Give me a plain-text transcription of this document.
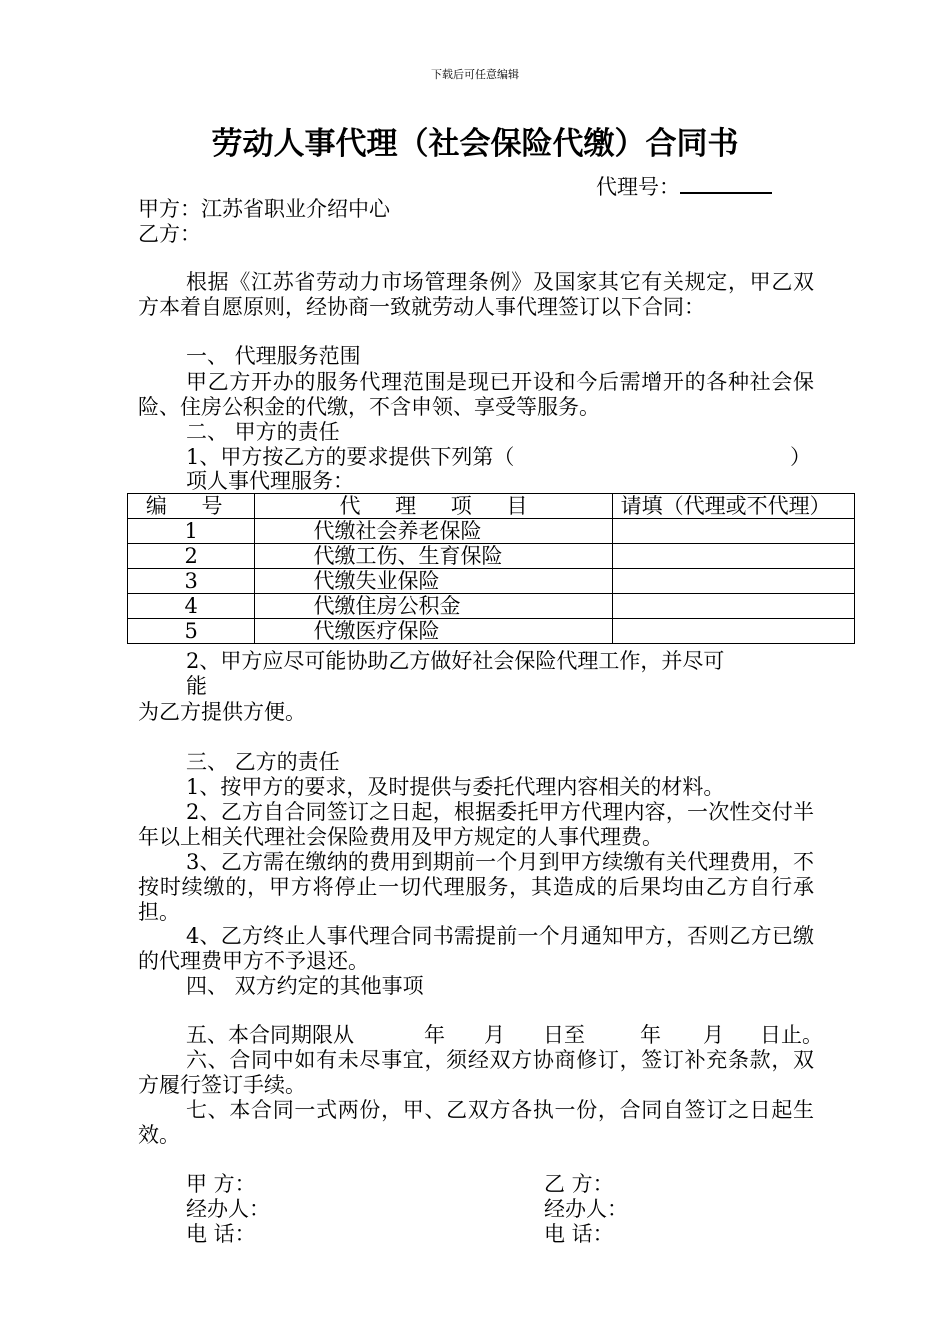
下载后可任意编辑
劳动人事代理（社会保险代缴）合同书
代理号：
甲方：江苏省职业介绍中心
乙方：
根据《江苏省劳动力市场管理条例》及国家其它有关规定，甲乙双方本着自愿原则，经协商一致就劳动人事代理签订以下合同：
一、 代理服务范围
甲乙方开办的服务代理范围是现已开设和今后需增开的各种社会保险、住房公积金的代缴，不含申领、享受等服务。
二、 甲方的责任
1、甲方按乙方的要求提供下列第（	）
项人事代理服务：
编 号	代 理 项 目	请填（代理或不代理）
1	代缴社会养老保险	
2	代缴工伤、生育保险	
3	代缴失业保险	
4	代缴住房公积金	
5	代缴医疗保险	
2、甲方应尽可能协助乙方做好社会保险代理工作，并尽可
能
为乙方提供方便。
三、 乙方的责任
1、按甲方的要求，及时提供与委托代理内容相关的材料。
2、乙方自合同签订之日起，根据委托甲方代理内容，一次性交付半年以上相关代理社会保险费用及甲方规定的人事代理费。
3、乙方需在缴纳的费用到期前一个月到甲方续缴有关代理费用，不按时续缴的，甲方将停止一切代理服务，其造成的后果均由乙方自行承担。
4、乙方终止人事代理合同书需提前一个月通知甲方，否则乙方已缴的代理费甲方不予退还。
四、 双方约定的其他事项
五、本合同期限从	年 月 日至	年 月 日止。
六、合同中如有未尽事宜，须经双方协商修订，签订补充条款，双方履行签订手续。
七、本合同一式两份，甲、乙双方各执一份，合同自签订之日起生效。
甲 方：
经办人：
电 话：
乙 方：
经办人：
电 话：
